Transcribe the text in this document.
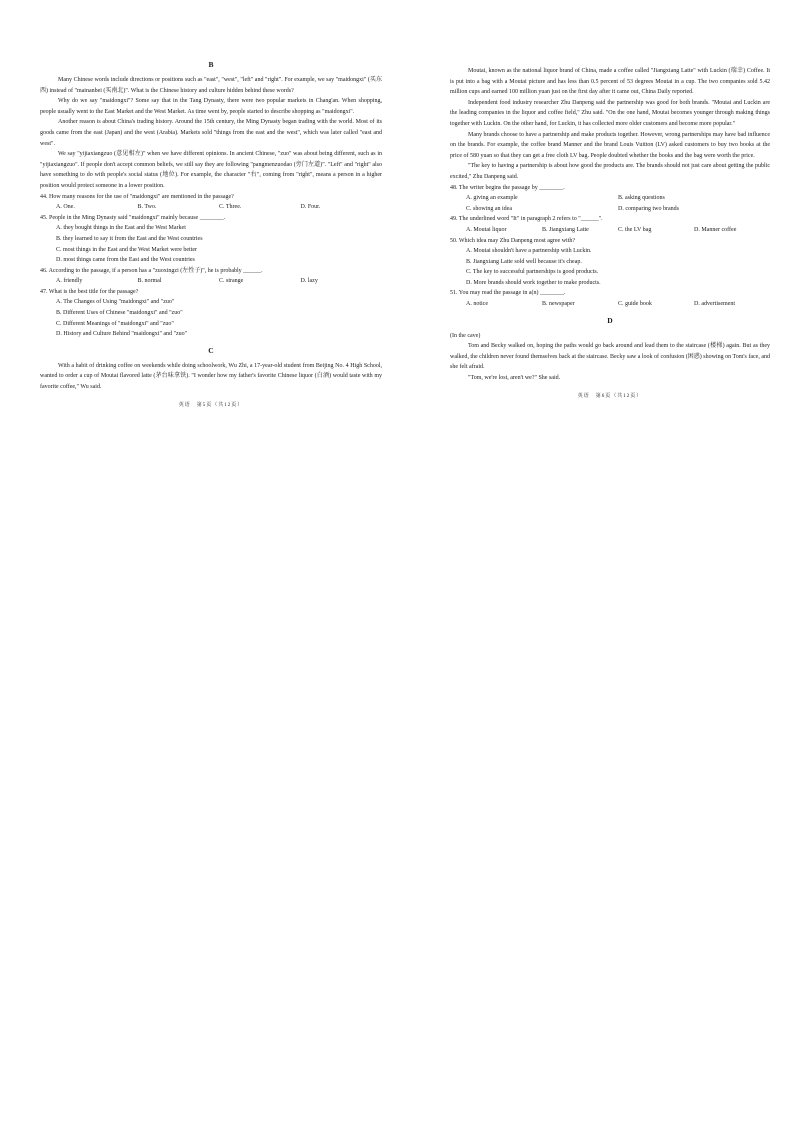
B

Many Chinese words include directions or positions such as "east", "west", "left" and "right". For example, we say "maidongxi" (买东西) instead of "mainanbei (买南北)". What is the Chinese history and culture hidden behind these words?

Why do we say "maidongxi"? Some say that in the Tang Dynasty, there were two popular markets in Chang'an. When shopping, people usually went to the East Market and the West Market. As time went by, people started to describe shopping as "maidongxi".

Another reason is about China's trading history. Around the 15th century, the Ming Dynasty began trading with the world. Most of its goods came from the east (Japan) and the west (Arabia). Markets sold "things from the east and the west", which was later called "east and west".

We say "yijiaxiangzuo (意见相左)" when we have different opinions. In ancient Chinese, "zuo" was about being different, such as in "yijiaxiangzuo". If people don't accept common beliefs, we still say they are following "pangmenzuodao (旁门左道)". "Left" and "right" also have something to do with people's social status (地位). For example, the character "右", coming from "right", means a person in a higher position would protect someone in a lower position.

44. How many reasons for the use of "maidongxi" are mentioned in the passage?

A. One.	B. Two.	C. Three.	D. Four.

45. People in the Ming Dynasty said "maidongxi" mainly because ________.

A. they bought things in the East and the West Market

B. they learned to say it from the East and the West countries

C. most things in the East and the West Market were better

D. most things came from the East and the West countries

46. According to the passage, if a person has a "zuoxingzi (左性子)", he is probably ______.

A. friendly	B. normal	C. strange	D. lazy

47. What is the best title for the passage?

A. The Changes of Using "maidongxi" and "zuo"

B. Different Uses of Chinese "maidongxi" and "zuo"

C. Different Meanings of "maidongxi" and "zuo"

D. History and Culture Behind "maidongxi" and "zuo"

C

With a habit of drinking coffee on weekends while doing schoolwork, Wu Zhi, a 17-year-old student from Beijing No. 4 High School, wanted to order a cup of Moutai flavored latte (茅台味拿铁). "I wonder how my father's favorite Chinese liquor (白酒) would taste with my favorite coffee," Wu said.

英语　第5页（共12页）

Moutai, known as the national liquor brand of China, made a coffee called "Jiangxiang Latte" with Luckin (瑞幸) Coffee. It is put into a bag with a Moutai picture and has less than 0.5 percent of 53 degrees Moutai in a cup. The two companies sold 5.42 million cups and earned 100 million yuan just on the first day after it came out, China Daily reported.

Independent food industry researcher Zhu Danpeng said the partnership was good for both brands. "Moutai and Luckin are the leading companies in the liquor and coffee field," Zhu said. "On the one hand, Moutai becomes younger through making things together with Luckin. On the other hand, for Luckin, it has collected more older customers and become more popular."

Many brands choose to have a partnership and make products together. However, wrong partnerships may have bad influence on the brands. For example, the coffee brand Manner and the brand Louis Vuitton (LV) asked customers to buy two books at the price of 580 yuan so that they can get a free cloth LV bag. People doubted whether the books and the bag were worth the price.

"The key to having a partnership is about how good the products are. The brands should not just care about getting the public excited," Zhu Danpeng said.

48. The writer begins the passage by ________.

A. giving an example	B. asking questions
C. showing an idea	D. comparing two brands

49. The underlined word "It" in paragraph 2 refers to "______".

A. Moutai liquor	B. Jiangxiang Latte	C. the LV bag	D. Manner coffee

50. Which idea may Zhu Danpeng most agree with?

A. Moutai shouldn't have a partnership with Luckin.

B. Jiangxiang Latte sold well because it's cheap.

C. The key to successful partnerships is good products.

D. More brands should work together to make products.

51. You may read the passage in a(n) ________.

A. notice	B. newspaper	C. guide book	D. advertisement
D

(In the cave)

Tom and Becky walked on, hoping the paths would go back around and lead them to the staircase (楼梯) again. But as they walked, the children never found themselves back at the staircase. Becky saw a look of confusion (困惑) showing on Tom's face, and she felt afraid.

"Tom, we're lost, aren't we?" She said.

英语　第6页（共12页）
